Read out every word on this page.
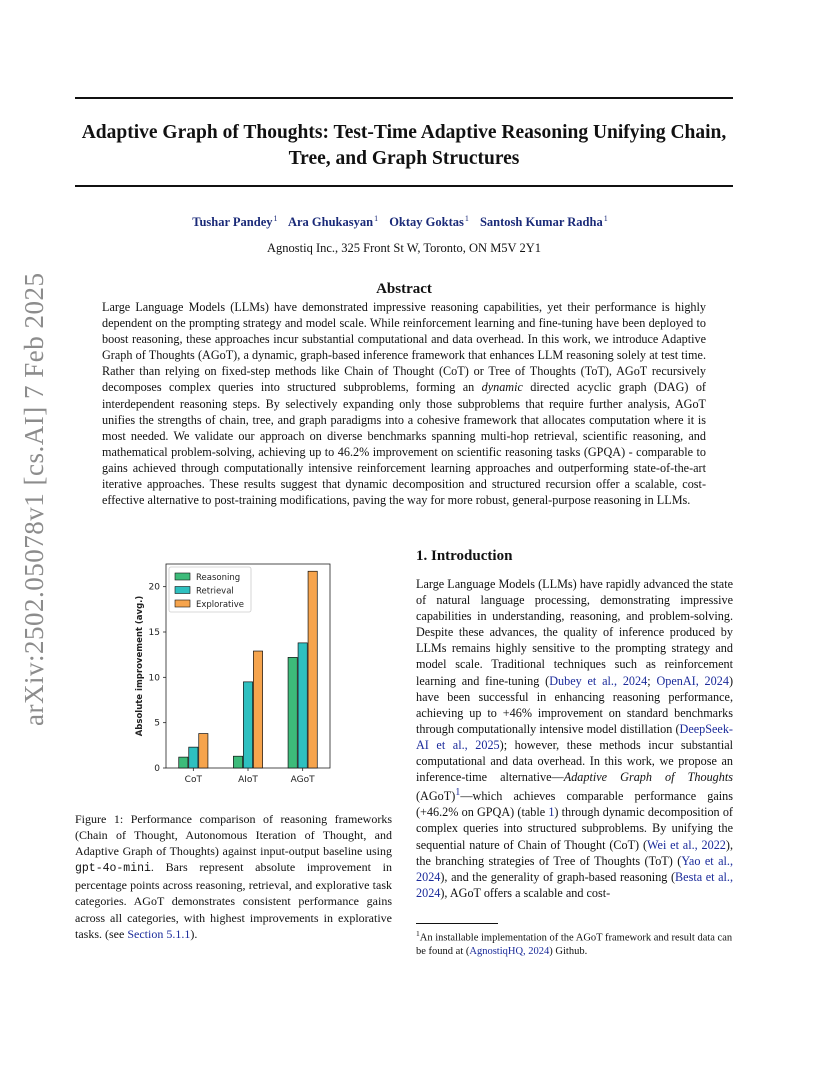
Adaptive Graph of Thoughts: Test-Time Adaptive Reasoning Unifying Chain, Tree, and Graph Structures
Tushar Pandey$^1$ Ara Ghukasyan$^1$ Oktay Goktas$^1$ Santosh Kumar Radha$^1$
Agnostiq Inc., 325 Front St W, Toronto, ON M5V 2Y1
arXiv:2502.05078v1 [cs.AI] 7 Feb 2025	Abstract

Large Language Models (LLMs) have demonstrated impressive reasoning capabilities, yet their performance is highly dependent on the prompting strategy and model scale. While reinforcement learning and fine-tuning have been deployed to boost reasoning, these approaches incur substantial computational and data overhead. In this work, we introduce Adaptive Graph of Thoughts (AGoT), a dynamic, graph-based inference framework that enhances LLM reasoning solely at test time. Rather than relying on fixed-step methods like Chain of Thought (CoT) or Tree of Thoughts (ToT), AGoT recursively decomposes complex queries into structured subproblems, forming an dynamic directed acyclic graph (DAG) of interdependent reasoning steps. By selectively expanding only those subproblems that require further analysis, AGoT unifies the strengths of chain, tree, and graph paradigms into a cohesive framework that allocates computation where it is most needed. We validate our approach on diverse benchmarks spanning multi-hop retrieval, scientific reasoning, and mathematical problem-solving, achieving up to 46.2% improvement on scientific reasoning tasks (GPQA) - comparable to gains achieved through computationally intensive reinforcement learning approaches and outperforming state-of-the-art iterative approaches. These results suggest that dynamic decomposition and structured recursion offer a scalable, cost-effective alternative to post-training modifications, paving the way for more robust, general-purpose reasoning in LLMs.

Absolute improvement (avg.)
0
5
10
15
20
CoT	AIoT	AGoT
Reasoning
Retrieval
Explorative

Figure 1: Performance comparison of reasoning frameworks (Chain of Thought, Autonomous Iteration of Thought, and Adaptive Graph of Thoughts) against input-output baseline using gpt-4o-mini. Bars represent absolute improvement in percentage points across reasoning, retrieval, and explorative task categories. AGoT demonstrates consistent performance gains across all categories, with highest improvements in explorative tasks. (see Section 5.1.1).

1. Introduction

Large Language Models (LLMs) have rapidly advanced the state of natural language processing, demonstrating impressive capabilities in understanding, reasoning, and problem-solving. Despite these advances, the quality of inference produced by LLMs remains highly sensitive to the prompting strategy and model scale. Traditional techniques such as reinforcement learning and fine-tuning (Dubey et al., 2024; OpenAI, 2024) have been successful in enhancing reasoning performance, achieving up to +46% improvement on standard benchmarks through computationally intensive model distillation (DeepSeek-AI et al., 2025); however, these methods incur substantial computational and data overhead. In this work, we propose an inference-time alternative—Adaptive Graph of Thoughts (AGoT)$^1$—which achieves comparable performance gains (+46.2% on GPQA) (table 1) through dynamic decomposition of complex queries into structured subproblems. By unifying the sequential nature of Chain of Thought (CoT) (Wei et al., 2022), the branching strategies of Tree of Thoughts (ToT) (Yao et al., 2024), and the generality of graph-based reasoning (Besta et al., 2024), AGoT offers a scalable and cost-

$^1$An installable implementation of the AGoT framework and result data can be found at (AgnostiqHQ, 2024) Github.
